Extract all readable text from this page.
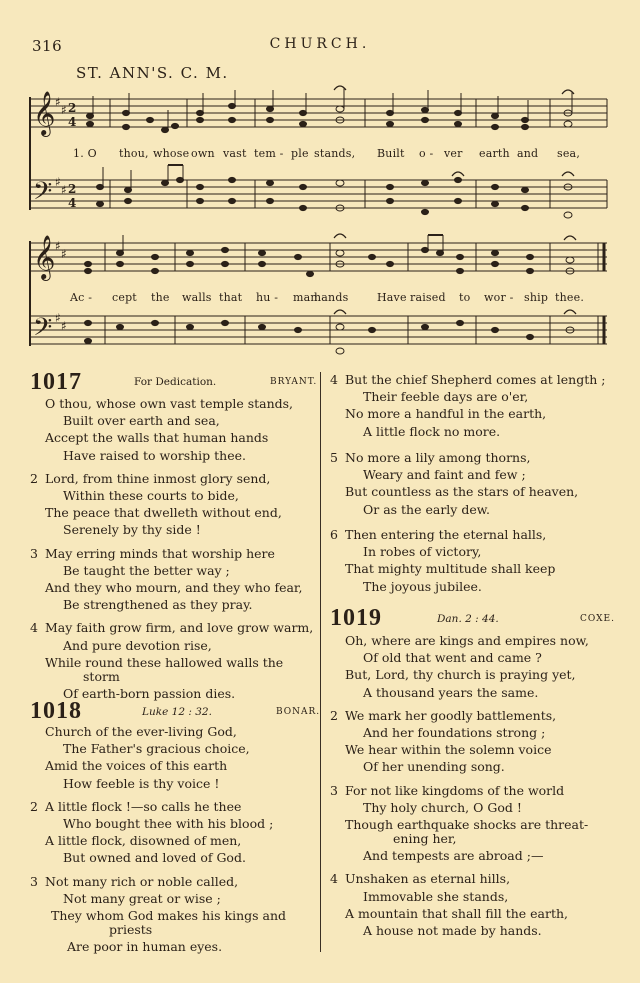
316	CHURCH.
ST. ANN'S. C. M.
𝄞
𝄢
𝄞
𝄢
♯
♯
♯
♯
♯
♯
♯
♯
2
4
2
4
1. O thou, whose own vast tem - ple stands, Built o - ver earth and sea,
Ac - cept the walls that hu - man
hands	Have raised to wor - ship thee.
1017	For Dedication.	BRYANT.
O thou, whose own vast temple stands,
Built over earth and sea,
Accept the walls that human hands
Have raised to worship thee.
2 Lord, from thine inmost glory send,
Within these courts to bide,
The peace that dwelleth without end,
Serenely by thy side !
3 May erring minds that worship here
Be taught the better way ;
And they who mourn, and they who fear,
Be strengthened as they pray.
4 May faith grow firm, and love grow warm,
And pure devotion rise,
While round these hallowed walls the
storm
Of earth-born passion dies.
4 But the chief Shepherd comes at length ;
Their feeble days are o'er,
No more a handful in the earth,
A little flock no more.
5 No more a lily among thorns,
Weary and faint and few ;
But countless as the stars of heaven,
Or as the early dew.
6 Then entering the eternal halls,
In robes of victory,
That mighty multitude shall keep
The joyous jubilee.
1018	Luke 12 : 32.	BONAR.
Church of the ever-living God,
The Father's gracious choice,
Amid the voices of this earth
How feeble is thy voice !
2 A little flock !—so calls he thee
Who bought thee with his blood ;
A little flock, disowned of men,
But owned and loved of God.
3 Not many rich or noble called,
Not many great or wise ;
They whom God makes his kings and
priests
Are poor in human eyes.
1019	Dan. 2 : 44.	COXE.
Oh, where are kings and empires now,
Of old that went and came ?
But, Lord, thy church is praying yet,
A thousand years the same.
2 We mark her goodly battlements,
And her foundations strong ;
We hear within the solemn voice
Of her unending song.
3 For not like kingdoms of the world
Thy holy church, O God !
Though earthquake shocks are threat-
ening her,
And tempests are abroad ;—
4 Unshaken as eternal hills,
Immovable she stands,
A mountain that shall fill the earth,
A house not made by hands.
